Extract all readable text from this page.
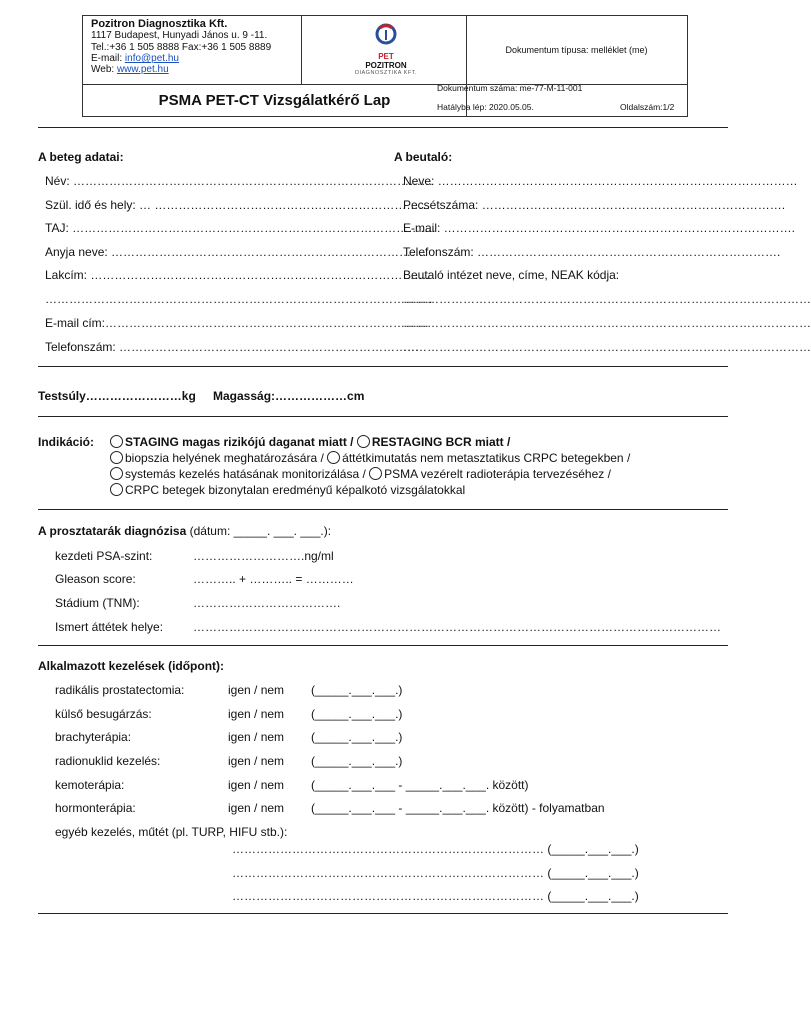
Pozitron Diagnosztika Kft.
1117 Budapest, Hunyadi János u. 9 -11.
Tel.:+36 1 505 8888 Fax:+36 1 505 8889
E-mail: info@pet.hu
Web: www.pet.hu
PET
POZITRON
DIAGNOSZTIKA KFT.
Dokumentum típusa: melléklet (me)
PSMA PET-CT Vizsgálatkérő Lap
Dokumentum száma: me-77-M-11-001
Hatályba lép: 2020.05.05.	Oldalszám:1/2
A beteg adatai:
Név: ………………………………………………………………………………
Szül. idő és hely: … ……………………………………………………………
TAJ: ……………………………………………………………………………….
Anyja neve: …………………………………………………………………….
Lakcím: ………………………………………………………………………….
…………………………………………………………………………………….
E-mail cím:………………………………………………………………………
Telefonszám: …………………………………………………………………
A beutaló:
Neve: ………………………………………………………………………………
Pecsétszáma: ………………………………………………………………….
E-mail: …………………………………………………………………………….
Telefonszám: ………………………………………………………………….
Beutaló intézet neve, címe, NEAK kódja:
…………………………………………………………………………………………
…………………………………………………………………………………………
…………………………………………………………………………………………
Testsúly……………………kg Magasság:………………cm
Indikáció:	STAGING magas rizikójú daganat miatt / RESTAGING BCR miatt /
biopszia helyének meghatározására / áttétkimutatás nem metasztatikus CRPC betegekben /
systemás kezelés hatásának monitorizálása / PSMA vezérelt radioterápia tervezéséhez /
CRPC betegek bizonytalan eredményű képalkotó vizsgálatokkal
A prosztatarák diagnózisa (dátum: _____. ___. ___.):
kezdeti PSA-szint:	……………………….ng/ml
Gleason score:	……….. + ……….. = …………
Stádium (TNM):	……………………………….
Ismert áttétek helye: ……………………………………………………………………………………………………………………
Alkalmazott kezelések (időpont):
radikális prostatectomia:	igen / nem (_____.___.___.)
külső besugárzás:	igen / nem (_____.___.___.)
brachyterápia:	igen / nem (_____.___.___.)
radionuklid kezelés:	igen / nem (_____.___.___.)
kemoterápia:	igen / nem (_____.___.___ - _____.___.___. között)
hormonterápia:	igen / nem (_____.___.___ - _____.___.___. között) - folyamatban
egyéb kezelés, műtét (pl. TURP, HIFU stb.):
…………………………………………………………………… (_____.___.___.)
…………………………………………………………………… (_____.___.___.)
…………………………………………………………………… (_____.___.___.)
